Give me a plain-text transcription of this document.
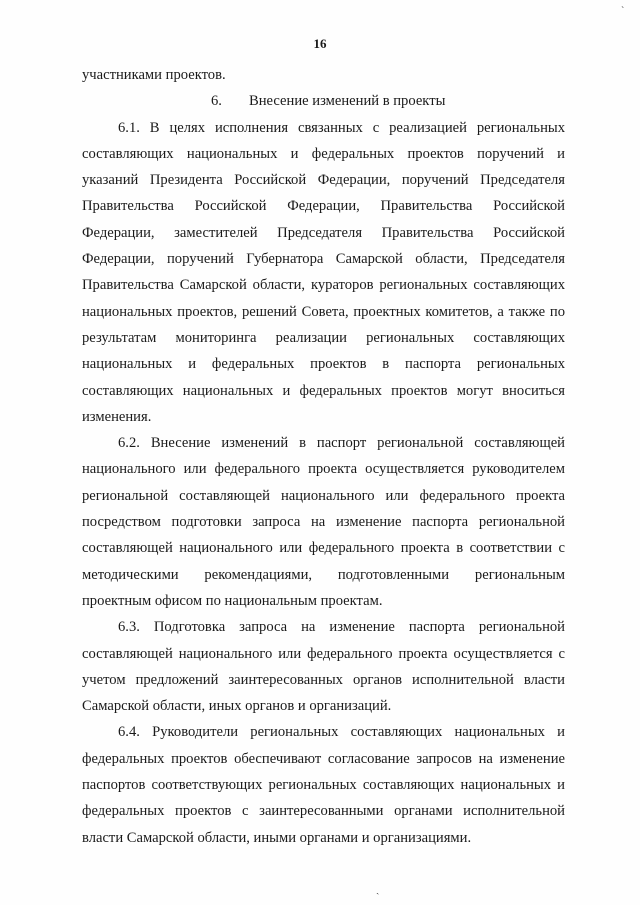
ˋ
16

участниками проектов.

6. Внесение изменений в проекты

6.1. В целях исполнения связанных с реализацией региональных составляющих национальных и федеральных проектов поручений и указаний Президента Российской Федерации, поручений Председателя Правительства Российской Федерации, Правительства Российской Федерации, заместителей Председателя Правительства Российской Федерации, поручений Губернатора Самарской области, Председателя Правительства Самарской области, кураторов региональных составляющих национальных проектов, решений Совета, проектных комитетов, а также по результатам мониторинга реализации региональных составляющих национальных и федеральных проектов в паспорта региональных составляющих национальных и федеральных проектов могут вноситься изменения.

6.2. Внесение изменений в паспорт региональной составляющей национального или федерального проекта осуществляется руководителем региональной составляющей национального или федерального проекта посредством подготовки запроса на изменение паспорта региональной составляющей национального или федерального проекта в соответствии с методическими рекомендациями, подготовленными региональным проектным офисом по национальным проектам.

6.3. Подготовка запроса на изменение паспорта региональной составляющей национального или федерального проекта осуществляется с учетом предложений заинтересованных органов исполнительной власти Самарской области, иных органов и организаций.

6.4. Руководители региональных составляющих национальных и федеральных проектов обеспечивают согласование запросов на изменение паспортов соответствующих региональных составляющих национальных и федеральных проектов с заинтересованными органами исполнительной власти Самарской области, иными органами и организациями.

ˎ
